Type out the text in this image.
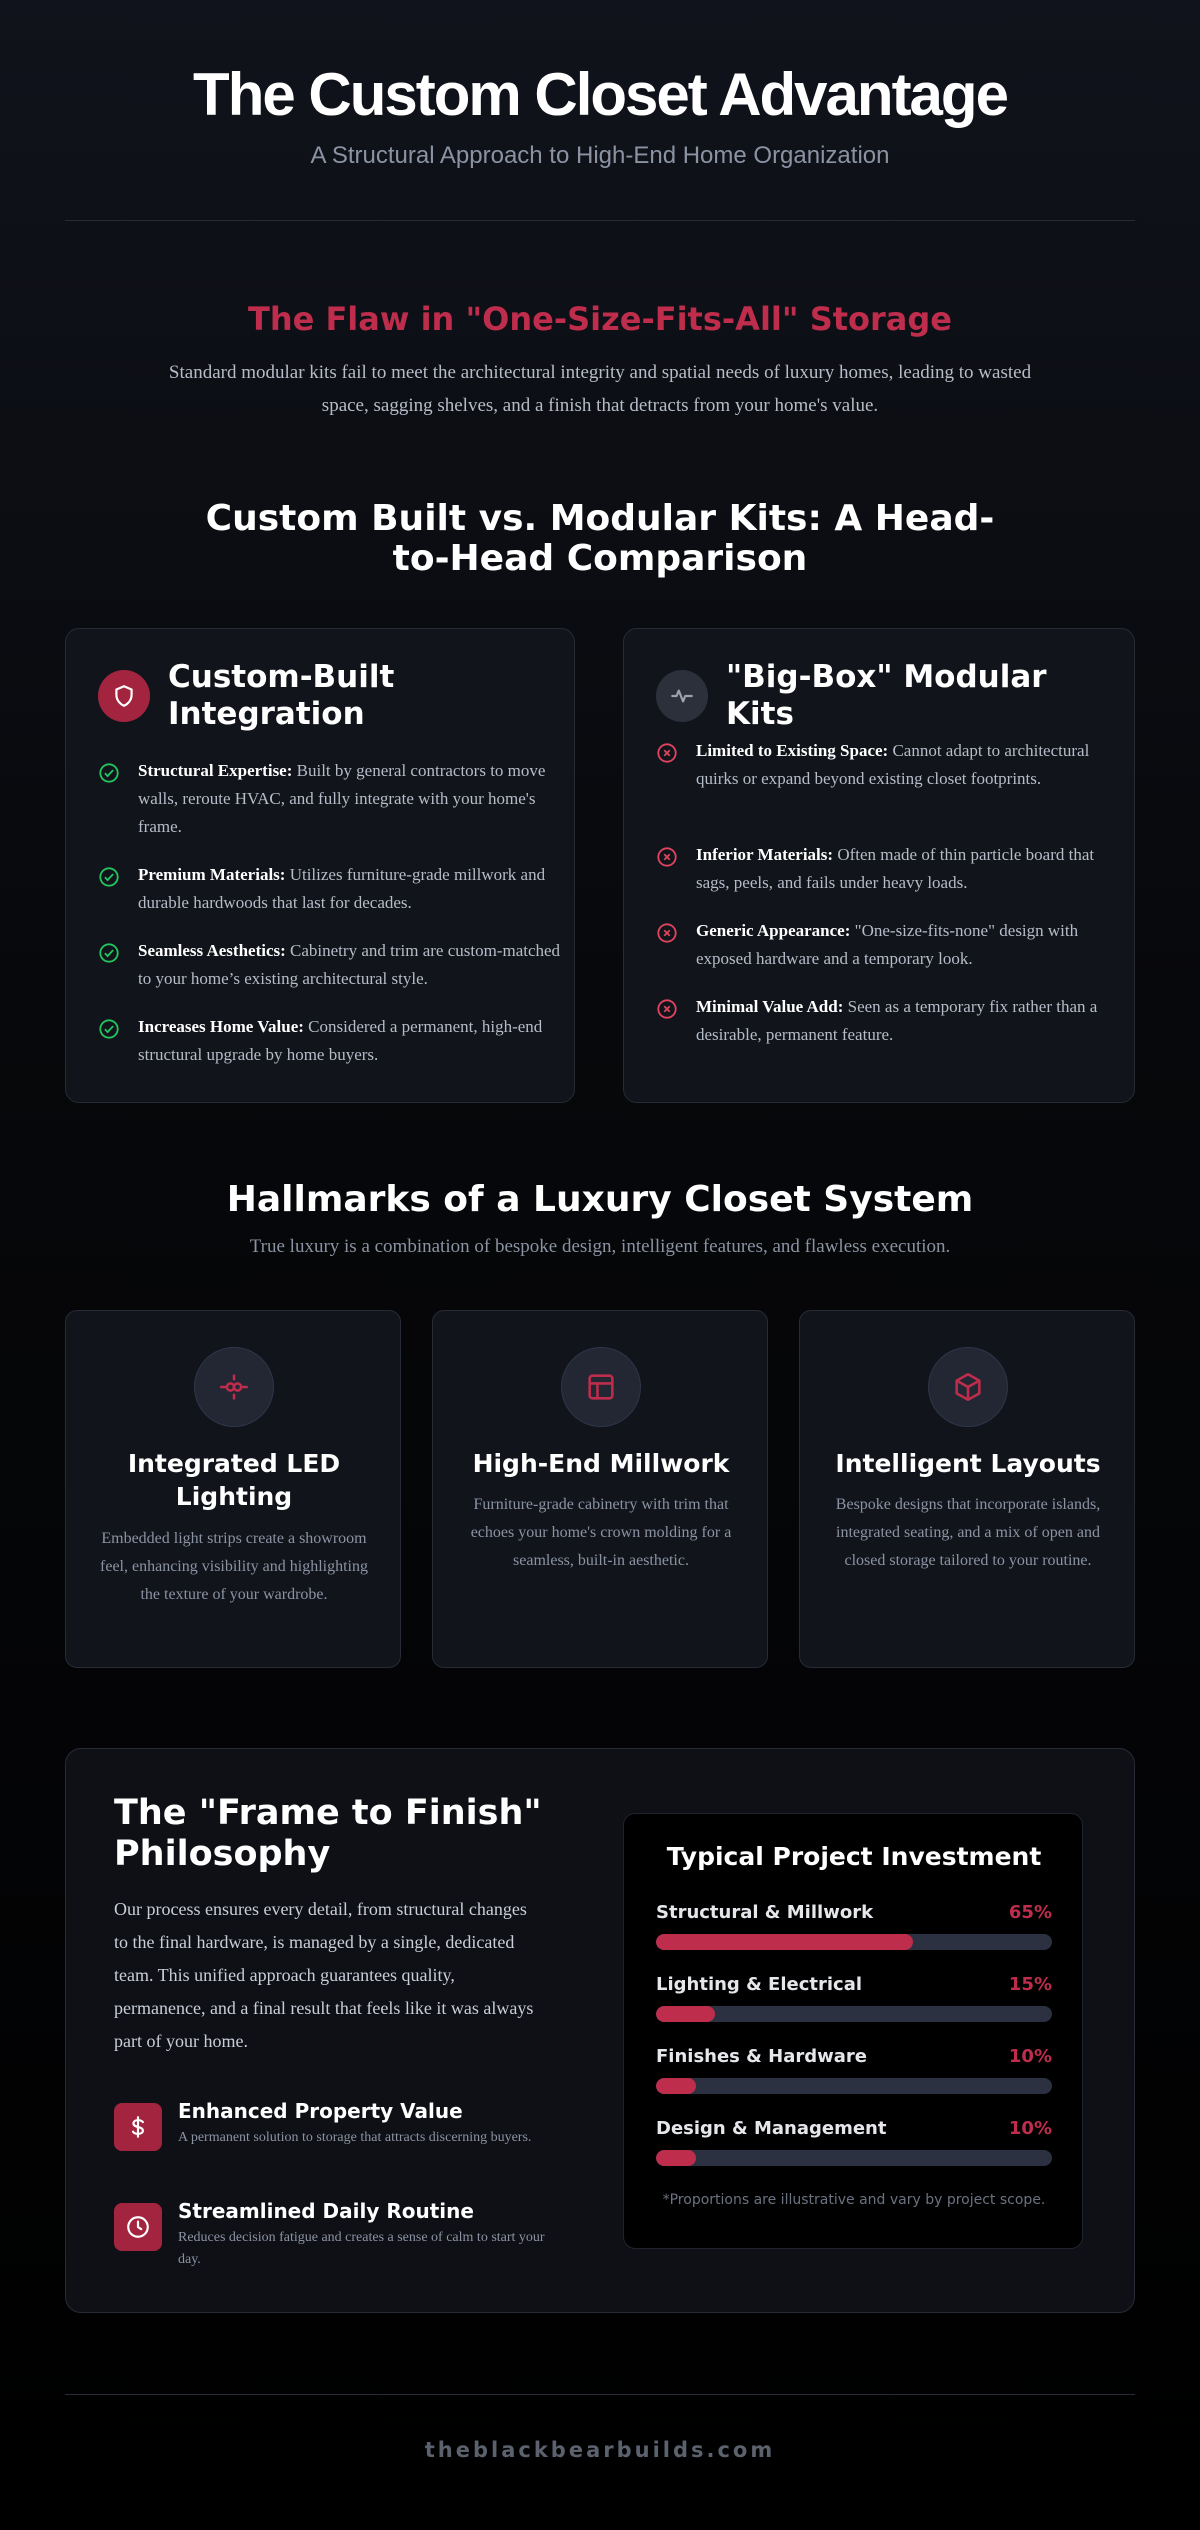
The Custom Closet Advantage
A Structural Approach to High-End Home Organization
The Flaw in "One-Size-Fits-All" Storage

Standard modular kits fail to meet the architectural integrity and spatial needs of luxury homes, leading to wasted space, sagging shelves, and a finish that detracts from your home's value.

Custom Built vs. Modular Kits: A Head-to-Head Comparison
Custom-Built Integration
Structural Expertise: Built by general contractors to move walls, reroute HVAC, and fully integrate with your home's frame.
Premium Materials: Utilizes furniture-grade millwork and durable hardwoods that last for decades.
Seamless Aesthetics: Cabinetry and trim are custom-matched to your home’s existing architectural style.
Increases Home Value: Considered a permanent, high-end structural upgrade by home buyers.
"Big-Box" Modular Kits
Limited to Existing Space: Cannot adapt to architectural quirks or expand beyond existing closet footprints.
Inferior Materials: Often made of thin particle board that sags, peels, and fails under heavy loads.
Generic Appearance: "One-size-fits-none" design with exposed hardware and a temporary look.
Minimal Value Add: Seen as a temporary fix rather than a desirable, permanent feature.
Hallmarks of a Luxury Closet System

True luxury is a combination of bespoke design, intelligent features, and flawless execution.

Integrated LED Lighting
Embedded light strips create a showroom feel, enhancing visibility and highlighting the texture of your wardrobe.
High-End Millwork
Furniture-grade cabinetry with trim that echoes your home's crown molding for a seamless, built-in aesthetic.
Intelligent Layouts
Bespoke designs that incorporate islands, integrated seating, and a mix of open and closed storage tailored to your routine.
The "Frame to Finish" Philosophy

Our process ensures every detail, from structural changes to the final hardware, is managed by a single, dedicated team. This unified approach guarantees quality, permanence, and a final result that feels like it was always part of your home.

Enhanced Property Value
A permanent solution to storage that attracts discerning buyers.
Streamlined Daily Routine
Reduces decision fatigue and creates a sense of calm to start your day.
Typical Project Investment
Structural & Millwork	65%
Lighting & Electrical	15%
Finishes & Hardware	10%
Design & Management	10%
*Proportions are illustrative and vary by project scope.
theblackbearbuilds.com
